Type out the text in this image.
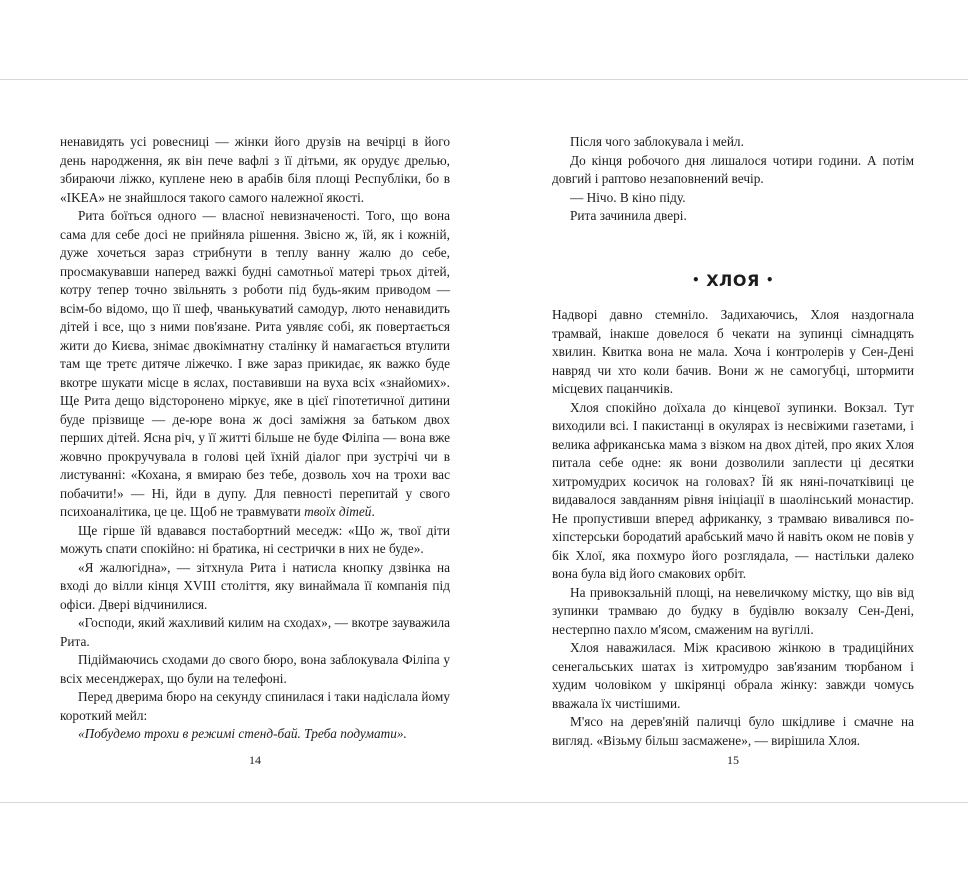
ненавидять усі ровесниці — жінки його друзів на вечірці в його день народження, як він пече вафлі з її дітьми, як орудує дрелью, збираючи ліжко, куплене нею в арабів біля площі Республіки, бо в «IKEA» не знайшлося такого самого належної якості.

Рита боїться одного — власної невизначеності. Того, що вона сама для себе досі не прийняла рішення. Звісно ж, їй, як і кожній, дуже хочеться зараз стрибнути в теплу ванну жалю до себе, просмакувавши наперед важкі будні самотньої матері трьох дітей, котру тепер точно звільнять з роботи під будь-яким приводом — всім-бо відомо, що її шеф, чванькуватий самодур, люто ненавидить дітей і все, що з ними пов'язане. Рита уявляє собі, як повертається жити до Києва, знімає двокімнатну сталінку й намагається втулити там ще третє дитяче ліжечко. І вже зараз прикидає, як важко буде вкотре шукати місце в яслах, поставивши на вуха всіх «знайомих». Ще Рита дещо відсторонено міркує, яке в цієї гіпотетичної дитини буде прізвище — де-юре вона ж досі заміжня за батьком двох перших дітей. Ясна річ, у її житті більше не буде Філіпа — вона вже жовчно прокручувала в голові цей їхній діалог при зустрічі чи в листуванні: «Кохана, я вмираю без тебе, дозволь хоч на трохи вас побачити!» — Ні, йди в дупу. Для певності перепитай у свого психоаналітика, це це. Щоб не травмувати твоїх дітей.

Ще гірше їй вдавався постабортний меседж: «Що ж, твої діти можуть спати спокійно: ні братика, ні сестрички в них не буде».

«Я жалюгідна», — зітхнула Рита і натисла кнопку дзвінка на вході до вілли кінця XVIII століття, яку винаймала її компанія під офіси. Двері відчинилися.

«Господи, який жахливий килим на сходах», — вкотре зауважила Рита.

Підіймаючись сходами до свого бюро, вона заблокувала Філіпа у всіх месенджерах, що були на телефоні.

Перед дверима бюро на секунду спинилася і таки надіслала йому короткий мейл:

«Побудемо трохи в режимі стенд-бай. Треба подумати».

14

Після чого заблокувала і мейл.

До кінця робочого дня лишалося чотири години. А потім довгий і раптово незаповнений вечір.

— Нічо. В кіно піду.

Рита зачинила двері.

• ХЛОЯ •

Надворі давно стемніло. Задихаючись, Хлоя наздогнала трамвай, інакше довелося б чекати на зупинці сімнадцять хвилин. Квитка вона не мала. Хоча і контролерів у Сен-Дені навряд чи хто коли бачив. Вони ж не самогубці, штормити місцевих пацанчиків.

Хлоя спокійно доїхала до кінцевої зупинки. Вокзал. Тут виходили всі. І пакистанці в окулярах із несвіжими газетами, і велика африканська мама з візком на двох дітей, про яких Хлоя питала себе одне: як вони дозволили заплести ці десятки хитромудрих косичок на головах? Їй як няні-початківиці це видавалося завданням рівня ініціації в шаолінський монастир. Не пропустивши вперед африканку, з трамваю вивалився по-хіпстерськи бородатий арабський мачо й навіть оком не повів у бік Хлої, яка похмуро його розглядала, — настільки далеко вона була від його смакових орбіт.

На привокзальній площі, на невеличкому містку, що вів від зупинки трамваю до будку в будівлю вокзалу Сен-Дені, нестерпно пахло м'ясом, смаженим на вугіллі.

Хлоя наважилася. Між красивою жінкою в традиційних сенегальських шатах із хитромудро зав'язаним тюрбаном і худим чоловіком у шкірянці обрала жінку: завжди чомусь вважала їх чистішими.

М'ясо на дерев'яній паличці було шкідливе і смачне на вигляд. «Візьму більш засмажене», — вирішила Хлоя.

15
